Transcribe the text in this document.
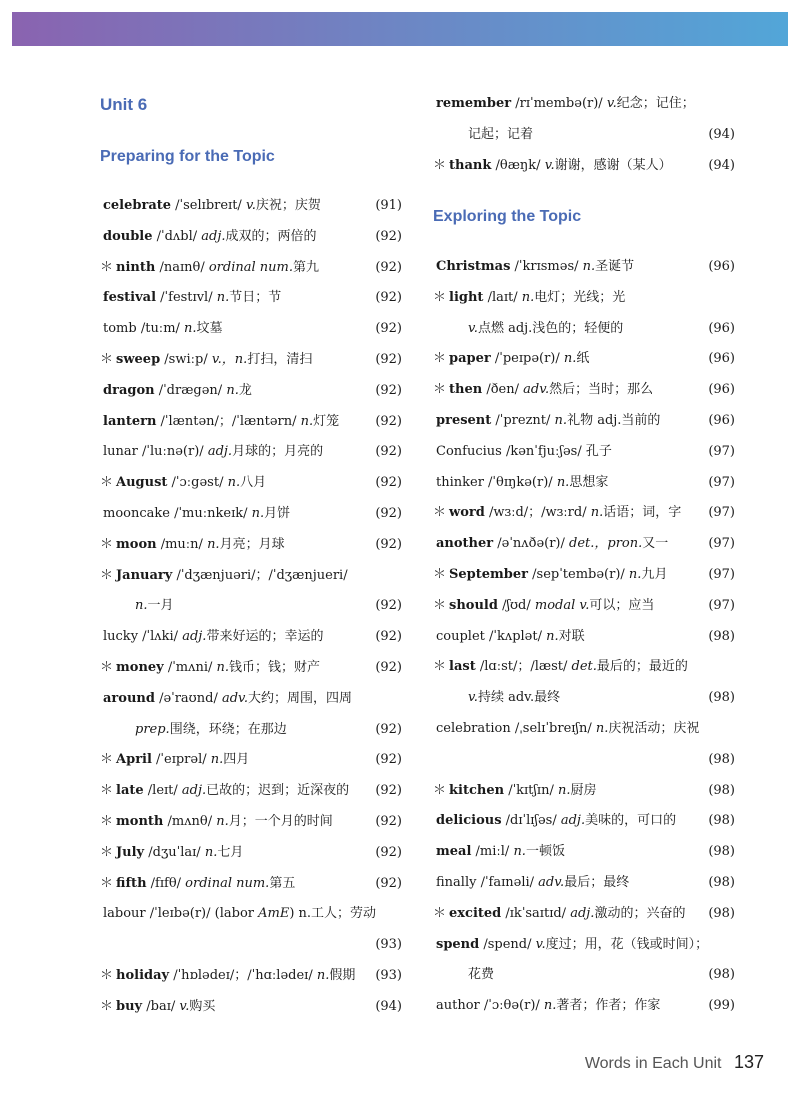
Unit 6
Preparing for the Topic
Exploring the Topic
celebrate /ˈselɪbreɪt/ v.庆祝；庆贺	(91)
double /ˈdʌbl/ adj.成双的；两倍的	(92)
＊ ninth /naɪnθ/ ordinal num.第九	(92)
festival /ˈfestɪvl/ n.节日；节	(92)
tomb /tuːm/ n.坟墓	(92)
＊ sweep /swiːp/ v.，n.打扫，清扫	(92)
dragon /ˈdrægən/ n.龙	(92)
lantern /ˈlæntən/；/ˈlæntərn/ n.灯笼	(92)
lunar /ˈluːnə(r)/ adj.月球的；月亮的	(92)
＊ August /ˈɔːgəst/ n.八月	(92)
mooncake /ˈmuːnkeɪk/ n.月饼	(92)
＊ moon /muːn/ n.月亮；月球	(92)
＊ January /ˈdʒænjuəri/；/ˈdʒænjueri/
n.一月	(92)
lucky /ˈlʌki/ adj.带来好运的；幸运的	(92)
＊ money /ˈmʌni/ n.钱币；钱；财产	(92)
around /əˈraʊnd/ adv.大约；周围，四周
prep.围绕，环绕；在那边	(92)
＊ April /ˈeɪprəl/ n.四月	(92)
＊ late /leɪt/ adj.已故的；迟到；近深夜的 (92)
＊ month /mʌnθ/ n.月；一个月的时间	(92)
＊ July /dʒuˈlaɪ/ n.七月	(92)
＊ fifth /fɪfθ/ ordinal num.第五	(92)
labour /ˈleɪbə(r)/ (labor AmE) n.工人；劳动
(93)
＊ holiday /ˈhɒlədeɪ/；/ˈhɑːlədeɪ/ n.假期 (93)
＊ buy /baɪ/ v.购买	(94)
remember /rɪˈmembə(r)/ v.纪念；记住；
记起；记着	(94)
＊ thank /θæŋk/ v.谢谢，感谢（某人）	(94)
Christmas /ˈkrɪsməs/ n.圣诞节	(96)
＊ light /laɪt/ n.电灯；光线；光
v.点燃 adj.浅色的；轻便的	(96)
＊ paper /ˈpeɪpə(r)/ n.纸	(96)
＊ then /ðen/ adv.然后；当时；那么	(96)
present /ˈpreznt/ n.礼物 adj.当前的	(96)
Confucius /kənˈfjuːʃəs/ 孔子	(97)
thinker /ˈθɪŋkə(r)/ n.思想家	(97)
＊ word /wɜːd/；/wɜːrd/ n.话语；词，字 (97)
another /əˈnʌðə(r)/ det.，pron.又一	(97)
＊ September /sepˈtembə(r)/ n.九月	(97)
＊ should /ʃʊd/ modal v.可以；应当	(97)
couplet /ˈkʌplət/ n.对联	(98)
＊ last /lɑːst/；/læst/ det.最后的；最近的
v.持续 adv.最终	(98)
celebration /ˌselɪˈbreɪʃn/ n.庆祝活动；庆祝
(98)
＊ kitchen /ˈkɪtʃɪn/ n.厨房	(98)
delicious /dɪˈlɪʃəs/ adj.美味的，可口的 (98)
meal /miːl/ n.一顿饭	(98)
finally /ˈfaɪnəli/ adv.最后；最终	(98)
＊ excited /ɪkˈsaɪtɪd/ adj.激动的；兴奋的 (98)
spend /spend/ v.度过；用，花（钱或时间）；
花费	(98)
author /ˈɔːθə(r)/ n.著者；作者；作家	(99)
Words in Each Unit 137
